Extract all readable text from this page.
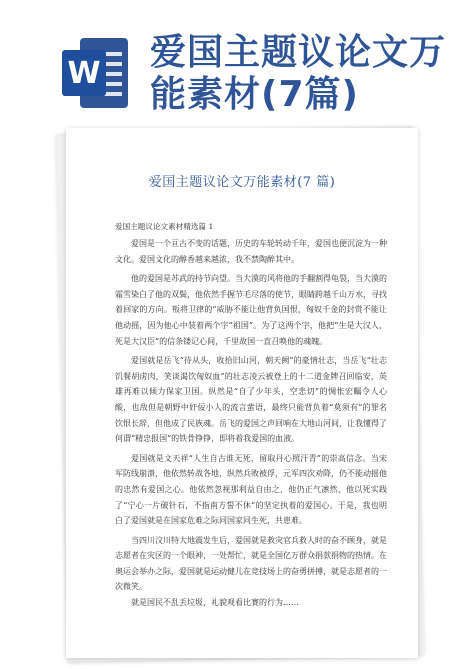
W 爱国主题议论文万
能素材(7篇)

爱国主题议论文万能素材(7 篇)
爱国主题议论文素材精选篇 1

爱国是一个亘古不变的话题，历史的车轮转动千年，爱国也便沉淀为一种文化。爱国文化的醇香越来越浓，我不禁陶醉其中。

他的爱国是苏武的持节向望。当大漠的风将他的手翻割得龟裂，当大漠的霜雪染白了他的双鬓，他依然手握节毛尽落的使节，眼睛跨越千山万水，寻找着回家的方向。叛将卫律的“威胁不能让他背负国恨，匈奴千金的封赏不能让他动摇，因为他心中装着两个字“祖国”。为了这两个字，他把“生是大汉人，死是大汉臣”的信条镂记心间，千里故国一直召唤他的魂魄。

爱国就是岳飞“待从头，收拾旧山河，朝天阙”的豪情壮志，当岳飞“壮志饥餐胡虏肉，笑谈渴饮匈奴血”的壮志凌云被登上的十二道金牌召回临安，英雄再难以倾力保家卫国。纵然是“自了少年头，空悲切”的惆怅宏瞩令人心酸，也敌但是朝野中奸佞小人的流言蜚语，最终只能背负着“莫须有”的罪名饮恨长辞，但他成了民族魂。岳飞的爱国之声回响在大地山河间，让我懂得了何谓“精忠报国”的铁骨铮铮，即将着我爱国的血液。

爱国就是文天祥“人生自古谁无死，留取丹心照汗青”的崇高信念。当宋军防线崩溃，他依然转战各地，纵然兵败被俘，元军四次劝降，仍不能动摇他的忠然有爱国之心。他依然忽视那利益自由之，他仍正气凛然、他以死实践了“宁心一片破针石，不指南方誓不休”的坚定执着的爱国心。于是，我也明白了爱国就是在国家危难之际同国家同生死，共患难。

当四川汶川特大地震发生后，爱国就是救灾官兵救人时的奋不顾身，就是志愿者在灾区的一个眼神，一处帮忙，就是全国亿万群众捐款捐物的热情。在奥运会举办之际，爱国就是运动健儿在竞技场上的奋勇拼搏，就是志愿者的一次微笑。

就是国民不乱丢垃圾，礼貌观看比赛的行为……
